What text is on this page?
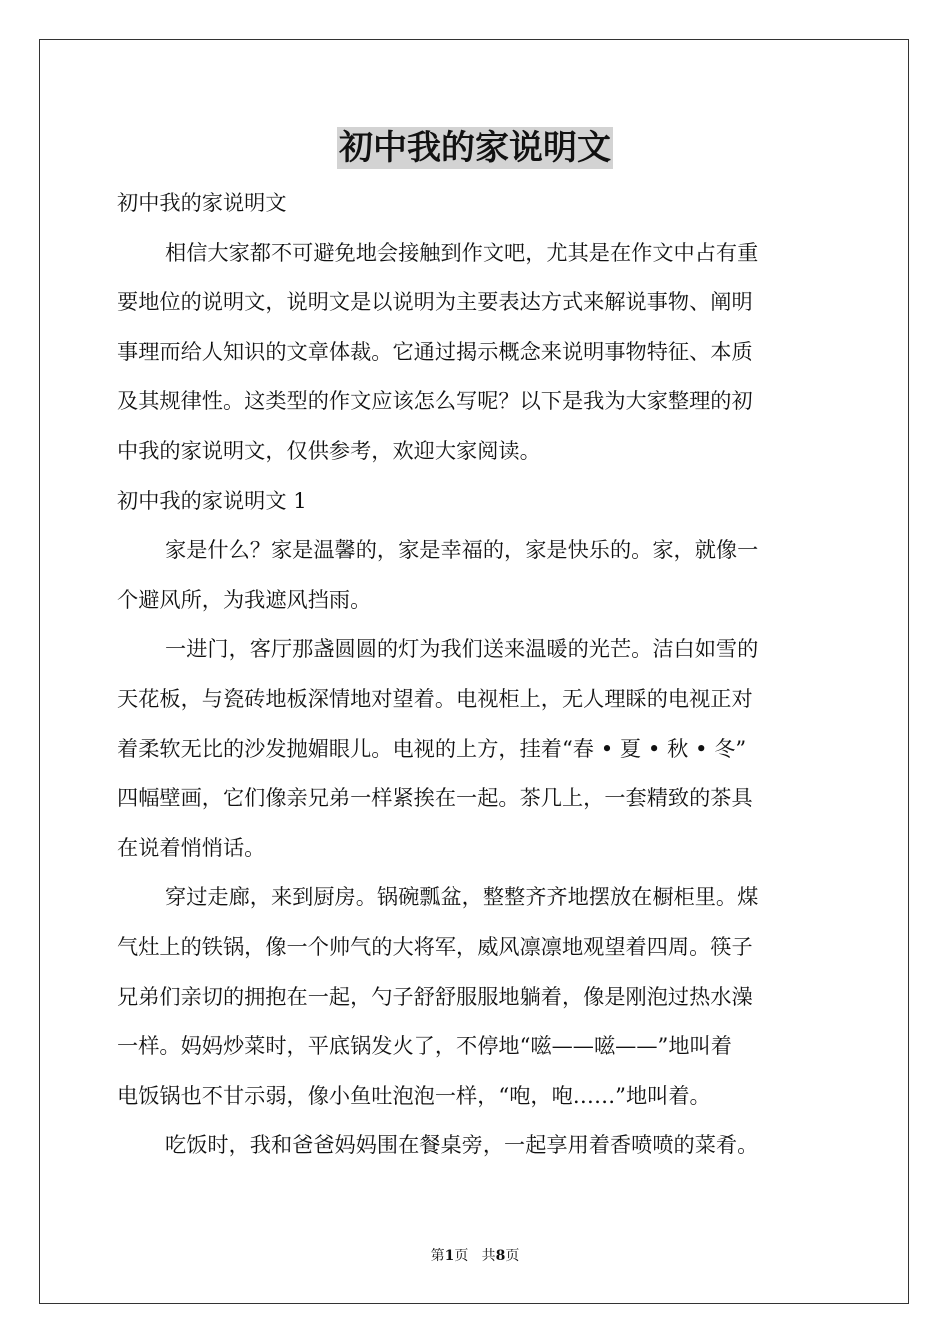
初中我的家说明文

初中我的家说明文

相信大家都不可避免地会接触到作文吧，尤其是在作文中占有重

要地位的说明文，说明文是以说明为主要表达方式来解说事物、阐明

事理而给人知识的文章体裁。它通过揭示概念来说明事物特征、本质

及其规律性。这类型的作文应该怎么写呢？以下是我为大家整理的初

中我的家说明文，仅供参考，欢迎大家阅读。

初中我的家说明文 1

家是什么？家是温馨的，家是幸福的，家是快乐的。家，就像一

个避风所，为我遮风挡雨。

一进门，客厅那盏圆圆的灯为我们送来温暖的光芒。洁白如雪的

天花板，与瓷砖地板深情地对望着。电视柜上，无人理睬的电视正对

着柔软无比的沙发抛媚眼儿。电视的上方，挂着“春 • 夏 • 秋 • 冬”

四幅壁画，它们像亲兄弟一样紧挨在一起。茶几上，一套精致的茶具

在说着悄悄话。

穿过走廊，来到厨房。锅碗瓢盆，整整齐齐地摆放在橱柜里。煤

气灶上的铁锅，像一个帅气的大将军，威风凛凛地观望着四周。筷子

兄弟们亲切的拥抱在一起，勺子舒舒服服地躺着，像是刚泡过热水澡

一样。妈妈炒菜时，平底锅发火了，不停地“嗞——嗞——”地叫着

电饭锅也不甘示弱，像小鱼吐泡泡一样，“咆，咆……”地叫着。

吃饭时，我和爸爸妈妈围在餐桌旁，一起享用着香喷喷的菜肴。

第1页 共8页
